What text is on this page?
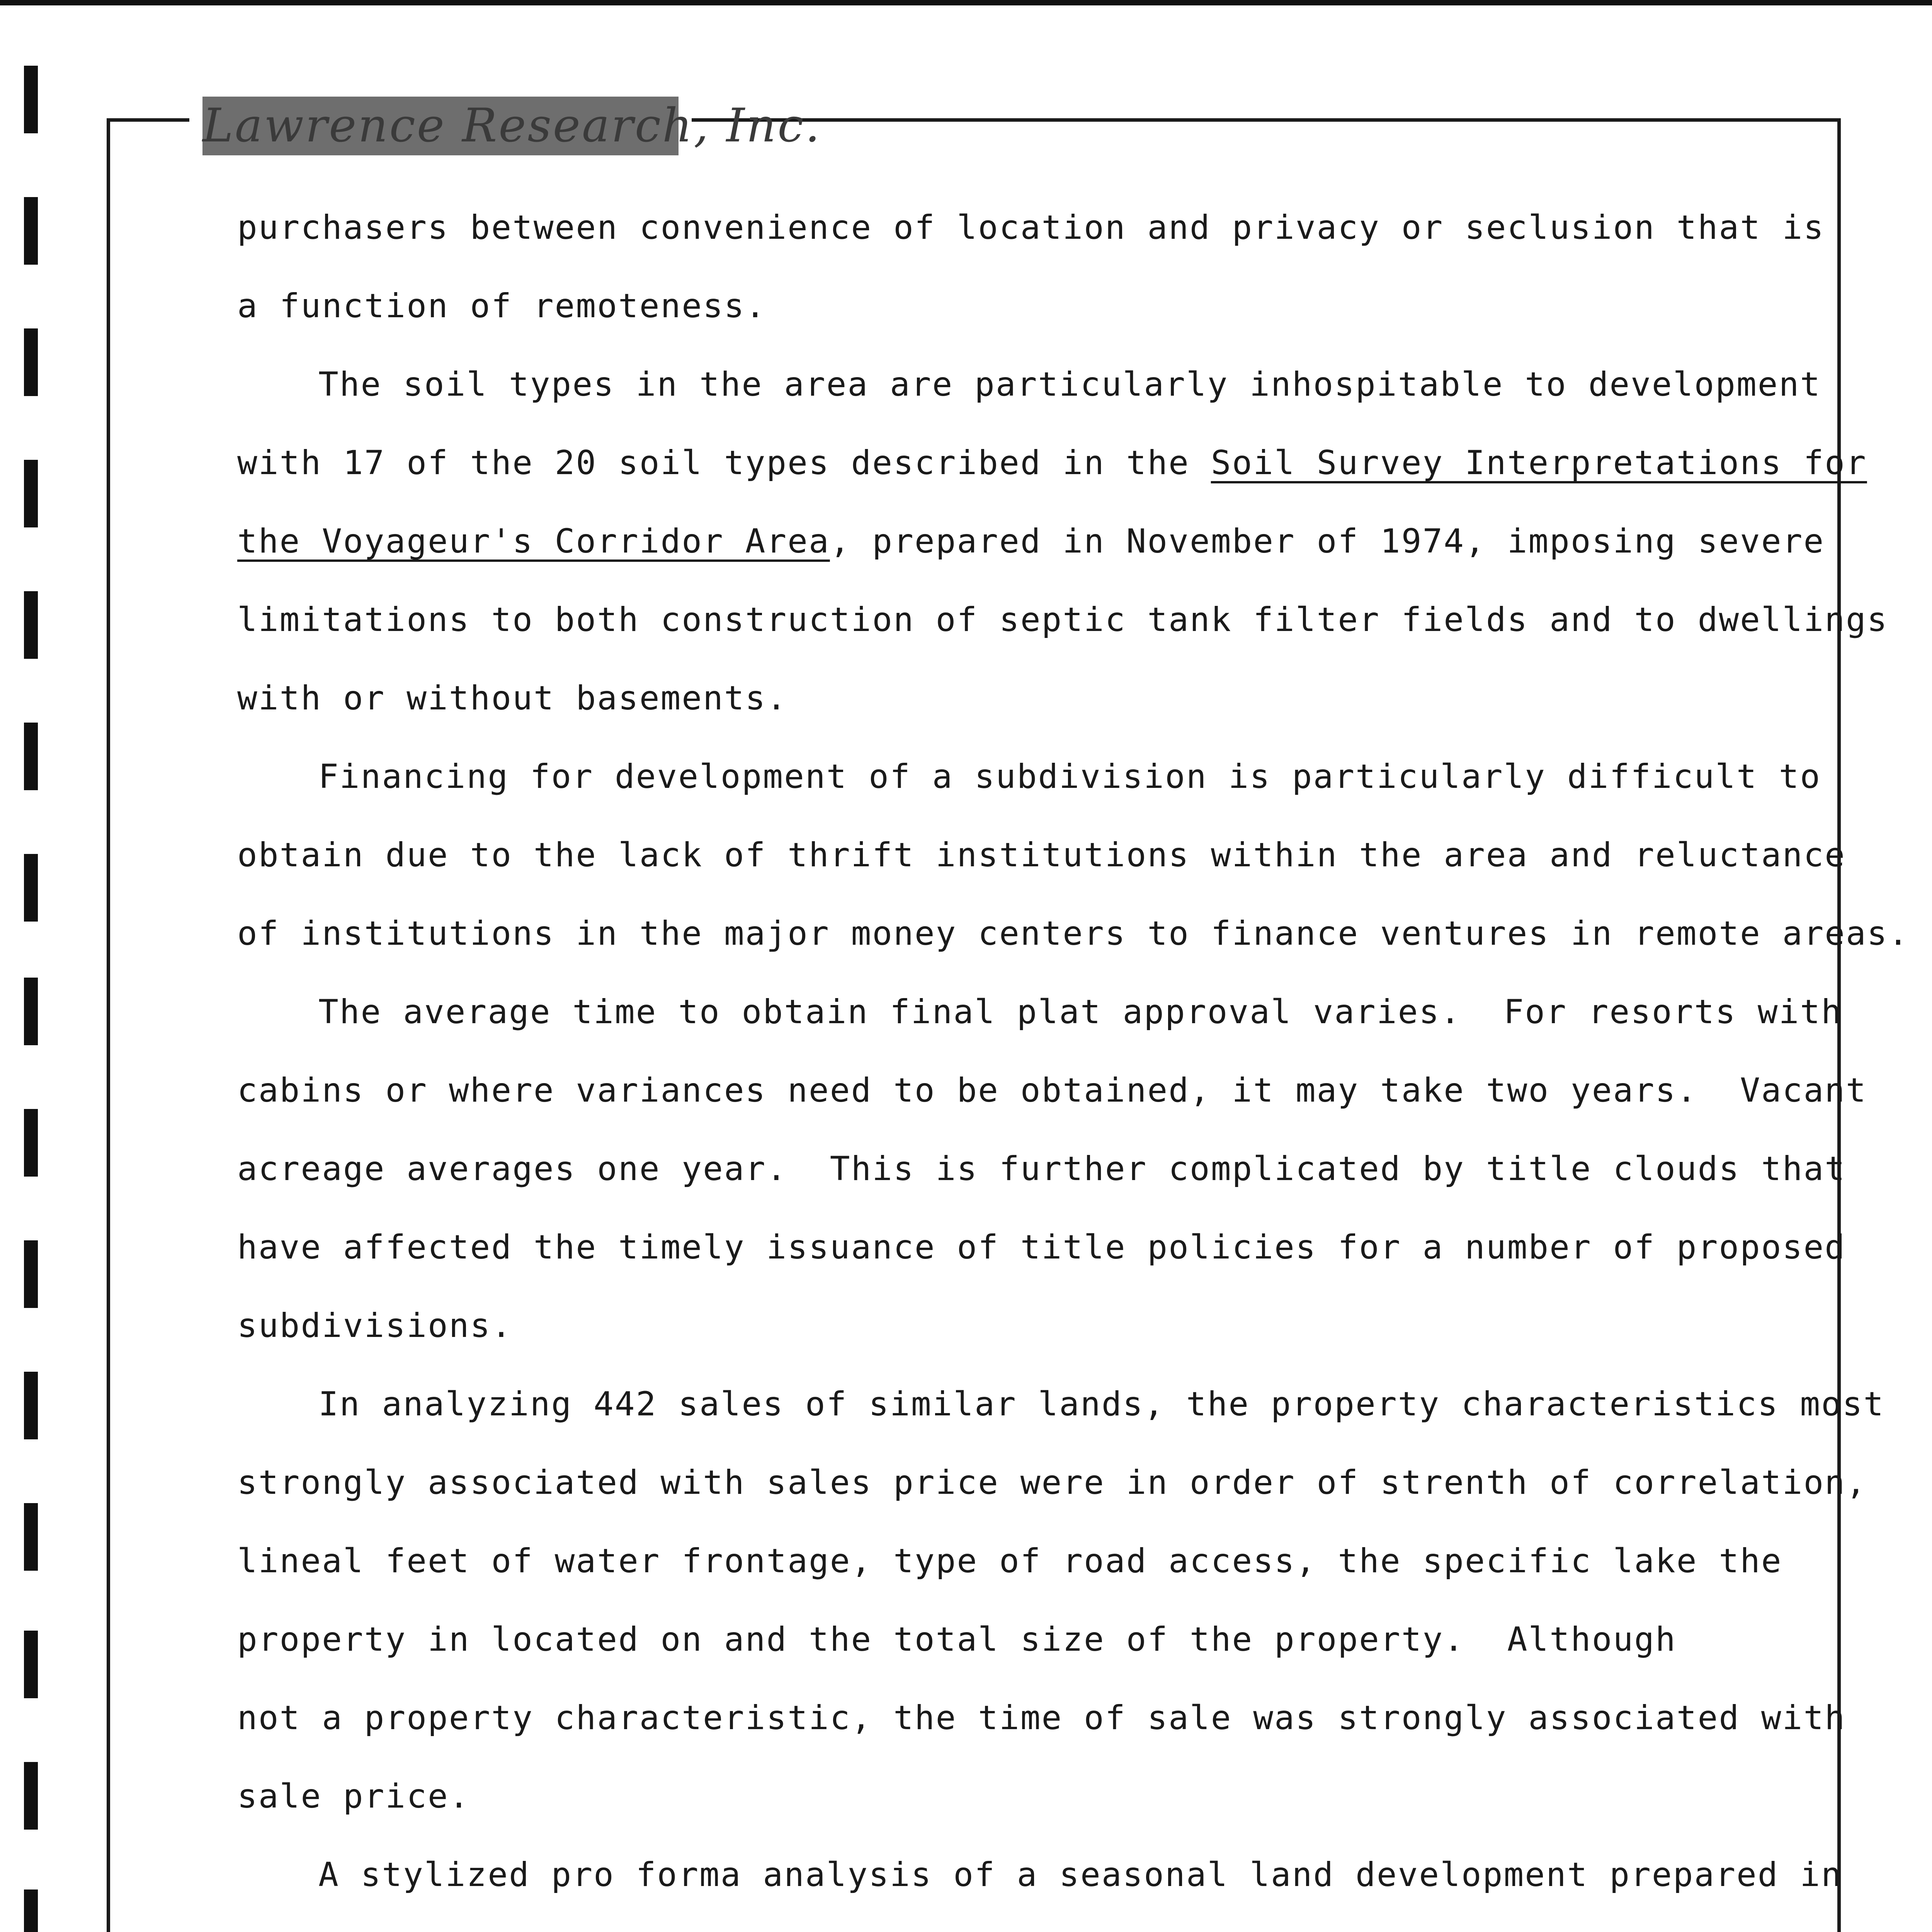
Lawrence Research, Inc.

purchasers between convenience of location and privacy or seclusion that is

a function of remoteness.

The soil types in the area are particularly inhospitable to development

with 17 of the 20 soil types described in the Soil Survey Interpretations for

the Voyageur's Corridor Area, prepared in November of 1974, imposing severe

limitations to both construction of septic tank filter fields and to dwellings

with or without basements.

Financing for development of a subdivision is particularly difficult to

obtain due to the lack of thrift institutions within the area and reluctance

of institutions in the major money centers to finance ventures in remote areas.

The average time to obtain final plat approval varies.  For resorts with

cabins or where variances need to be obtained, it may take two years.  Vacant

acreage averages one year.  This is further complicated by title clouds that

have affected the timely issuance of title policies for a number of proposed

subdivisions.

In analyzing 442 sales of similar lands, the property characteristics most

strongly associated with sales price were in order of strenth of correlation,

lineal feet of water frontage, type of road access, the specific lake the

property in located on and the total size of the property.  Although

not a property characteristic, the time of sale was strongly associated with

sale price.

A stylized pro forma analysis of a seasonal land development prepared in
